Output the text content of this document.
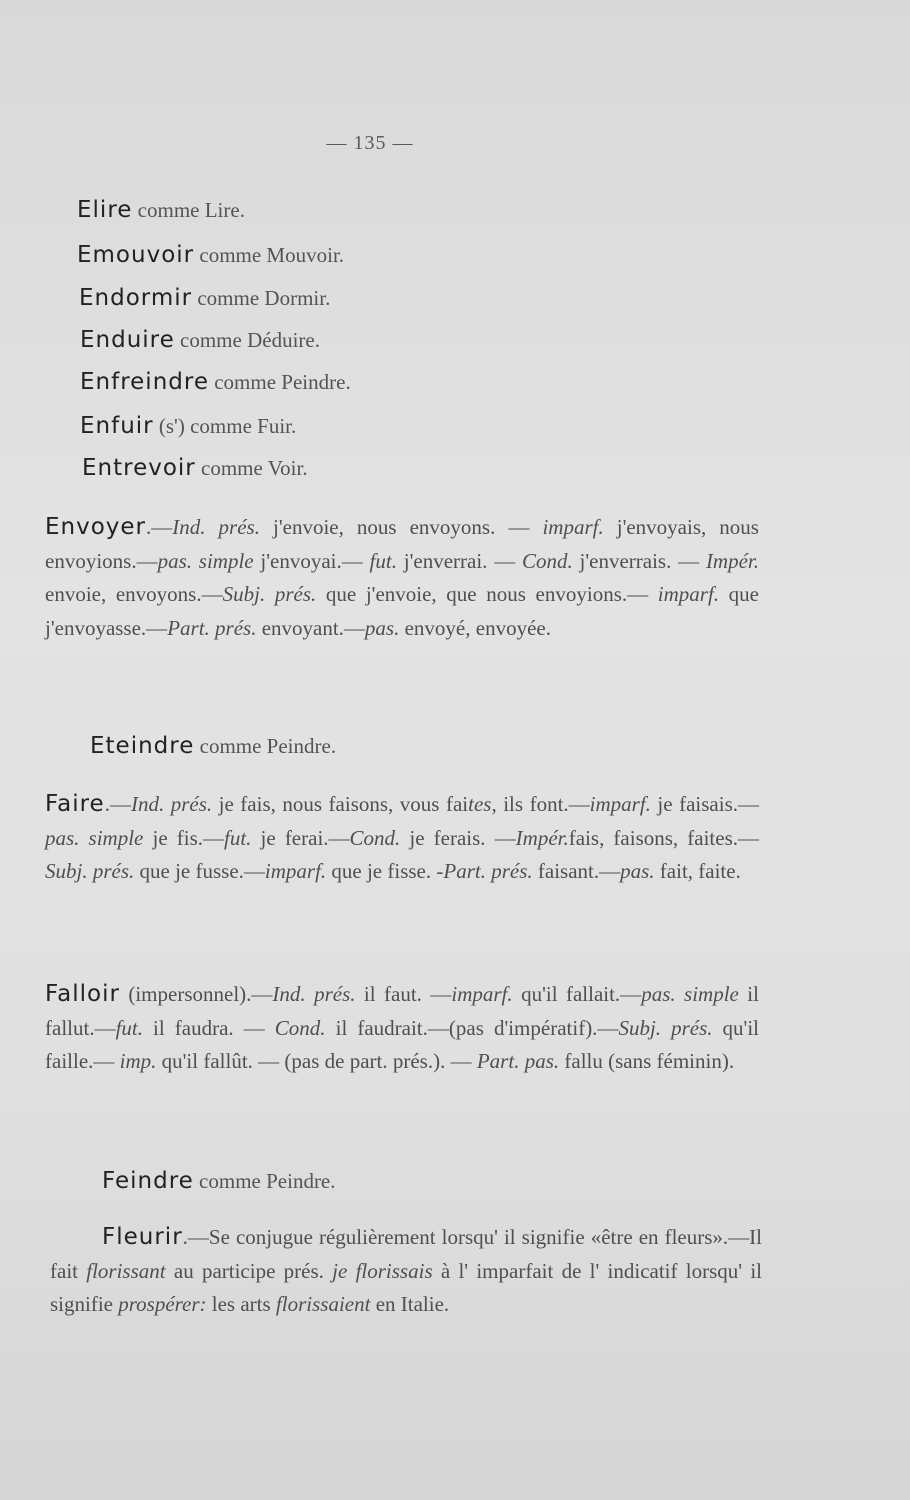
— 135 —
Elire comme Lire.
Emouvoir comme Mouvoir.
Endormir comme Dormir.
Enduire comme Déduire.
Enfreindre comme Peindre.
Enfuir (s') comme Fuir.
Entrevoir comme Voir.
Envoyer.—Ind. prés. j'envoie, nous envoyons. — imparf. j'envoyais, nous envoyions.—pas. simple j'envoyai.— fut. j'enverrai. — Cond. j'enverrais. — Impér. envoie, envoyons.—Subj. prés. que j'envoie, que nous envoyions.— imparf. que j'envoyasse.—Part. prés. envoyant.—pas. envoyé, envoyée.
Eteindre comme Peindre.
Faire.—Ind. prés. je fais, nous faisons, vous faites, ils font.—imparf. je faisais.—pas. simple je fis.—fut. je ferai.—Cond. je ferais. —Impér.fais, faisons, faites.—Subj. prés. que je fusse.—imparf. que je fisse. -Part. prés. faisant.—pas. fait, faite.
Falloir (impersonnel).—Ind. prés. il faut. —imparf. qu'il fallait.—pas. simple il fallut.—fut. il faudra. — Cond. il faudrait.—(pas d'impératif).—Subj. prés. qu'il faille.— imp. qu'il fallût. — (pas de part. prés.). — Part. pas. fallu (sans féminin).
Feindre comme Peindre.
Fleurir.—Se conjugue régulièrement lorsqu' il signifie «être en fleurs».—Il fait florissant au participe prés. je florissais à l' imparfait de l' indicatif lorsqu' il signifie prospérer: les arts florissaient en Italie.
